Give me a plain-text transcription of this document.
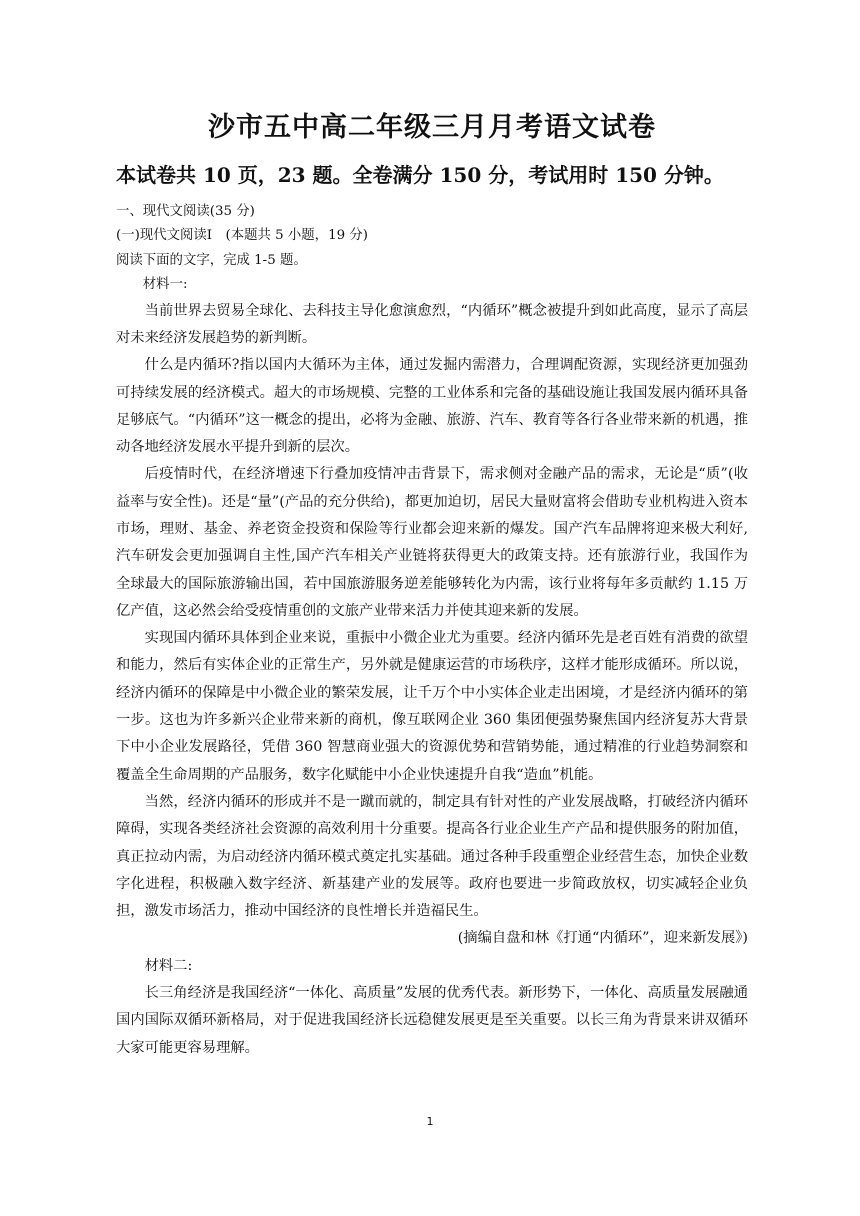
沙市五中高二年级三月月考语文试卷
本试卷共 10 页，23 题。全卷满分 150 分，考试用时 150 分钟。

一、现代文阅读(35 分)

(一)现代文阅读Ⅰ　(本题共 5 小题，19 分)

阅读下面的文字，完成 1-5 题。

材料一:

当前世界去贸易全球化、去科技主导化愈演愈烈，“内循环”概念被提升到如此高度，显示了高层对未来经济发展趋势的新判断。

什么是内循环?指以国内大循环为主体，通过发掘内需潜力，合理调配资源，实现经济更加强劲可持续发展的经济模式。超大的市场规模、完整的工业体系和完备的基础设施让我国发展内循环具备足够底气。“内循环”这一概念的提出，必将为金融、旅游、汽车、教育等各行各业带来新的机遇，推动各地经济发展水平提升到新的层次。

后疫情时代，在经济增速下行叠加疫情冲击背景下，需求侧对金融产品的需求，无论是“质”(收益率与安全性)。还是“量”(产品的充分供给)，都更加迫切，居民大量财富将会借助专业机构进入资本市场，理财、基金、养老资金投资和保险等行业都会迎来新的爆发。国产汽车品牌将迎来极大利好,汽车研发会更加强调自主性,国产汽车相关产业链将获得更大的政策支持。还有旅游行业，我国作为全球最大的国际旅游输出国，若中国旅游服务逆差能够转化为内需，该行业将每年多贡献约 1.15 万亿产值，这必然会给受疫情重创的文旅产业带来活力并使其迎来新的发展。

实现国内循环具体到企业来说，重振中小微企业尤为重要。经济内循环先是老百姓有消费的欲望和能力，然后有实体企业的正常生产，另外就是健康运营的市场秩序，这样才能形成循环。所以说，经济内循环的保障是中小微企业的繁荣发展，让千万个中小实体企业走出困境，才是经济内循环的第一步。这也为许多新兴企业带来新的商机，像互联网企业 360 集团便强势聚焦国内经济复苏大背景下中小企业发展路径，凭借 360 智慧商业强大的资源优势和营销势能，通过精准的行业趋势洞察和覆盖全生命周期的产品服务，数字化赋能中小企业快速提升自我“造血”机能。

当然，经济内循环的形成并不是一蹴而就的，制定具有针对性的产业发展战略，打破经济内循环障碍，实现各类经济社会资源的高效利用十分重要。提高各行业企业生产产品和提供服务的附加值，真正拉动内需，为启动经济内循环模式奠定扎实基础。通过各种手段重塑企业经营生态，加快企业数字化进程，积极融入数字经济、新基建产业的发展等。政府也要进一步简政放权，切实减轻企业负担，激发市场活力，推动中国经济的良性增长并造福民生。

(摘编自盘和林《打通“内循环”，迎来新发展》)

材料二:

长三角经济是我国经济“一体化、高质量”发展的优秀代表。新形势下，一体化、高质量发展融通国内国际双循环新格局，对于促进我国经济长远稳健发展更是至关重要。以长三角为背景来讲双循环大家可能更容易理解。

1
